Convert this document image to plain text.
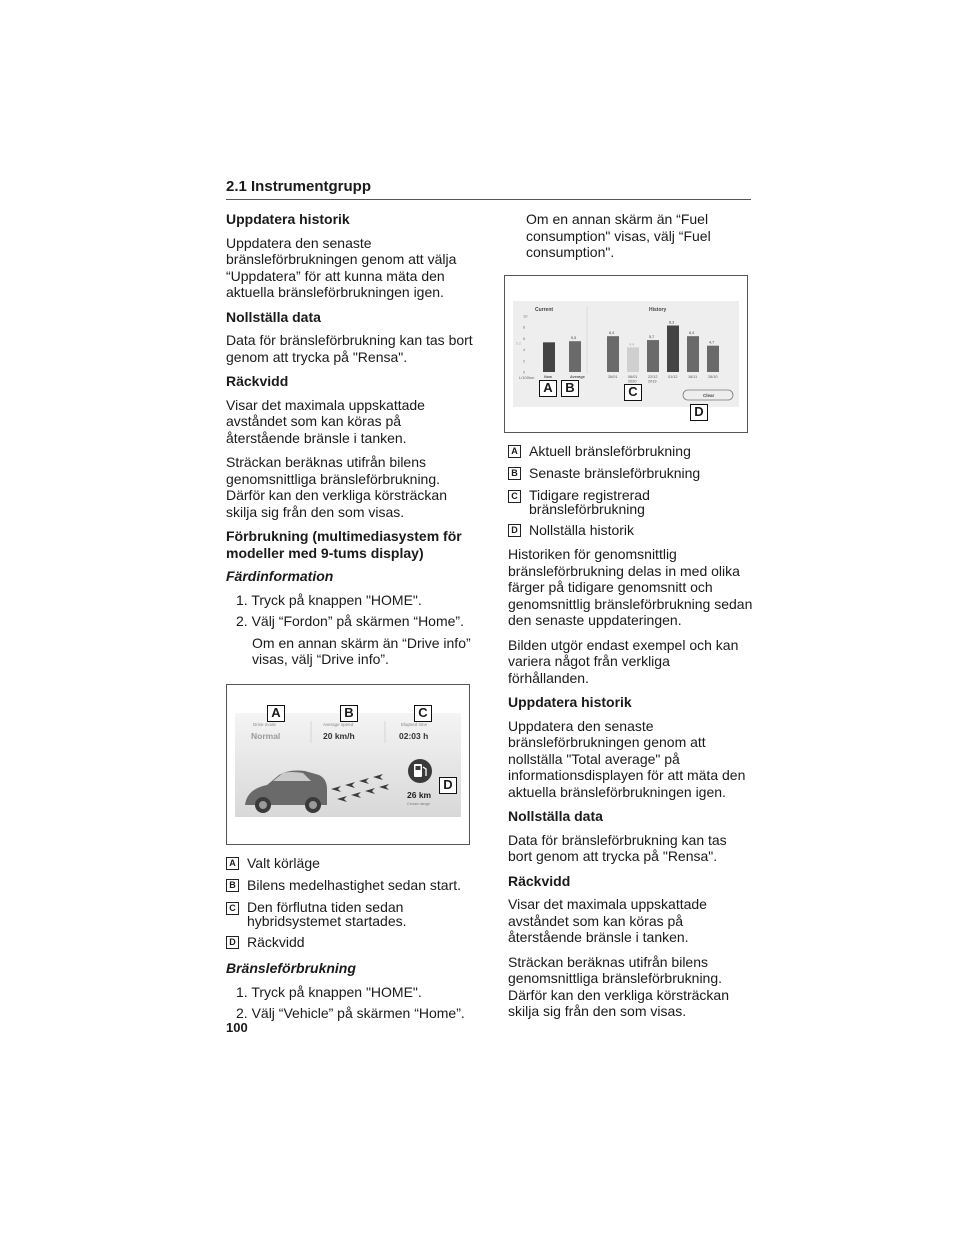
2.1 Instrumentgrupp
Uppdatera historik
Uppdatera den senaste bränsleförbrukningen genom att välja “Uppdatera” för att kunna mäta den aktuella bränsleförbrukningen igen.
Nollställa data
Data för bränsleförbrukning kan tas bort genom att trycka på "Rensa".
Räckvidd
Visar det maximala uppskattade avståndet som kan köras på återstående bränsle i tanken.
Sträckan beräknas utifrån bilens genomsnittliga bränsleförbrukning. Därför kan den verkliga körsträckan skilja sig från den som visas.
Förbrukning (multimediasystem för modeller med 9-tums display)
Färdinformation
1. Tryck på knappen "HOME".
2. Välj “Fordon” på skärmen “Home”.
Om en annan skärm än “Drive info” visas, välj “Drive info”.
Drive mode	Average speed	Elapsed time
Normal	20 km/h	02:03 h
26 km
Cruise range
A	B	C
D
A Valt körläge
B Bilens medelhastighet sedan start.
C Den förflutna tiden sedan hybridsystemet startades.
D Räckvidd
Bränsleförbrukning
1. Tryck på knappen "HOME".
2. Välj “Vehicle” på skärmen “Home”.
Om en annan skärm än “Fuel consumption" visas, välj “Fuel consumption".
Current	History
10
8
6
4
2
0
5.2
Now
5,5
Average
6,4
26/01
4,4
06/01
2020
5,7
22/12
2019
8,3
01/12
6,4
16/11
4,7
26/10
L/100km
Clear
A B	C
D
A Aktuell bränsleförbrukning
B Senaste bränsleförbrukning
C Tidigare registrerad bränsleförbrukning
D Nollställa historik
Historiken för genomsnittlig bränsleförbrukning delas in med olika färger på tidigare genomsnitt och genomsnittlig bränsleförbrukning sedan den senaste uppdateringen.
Bilden utgör endast exempel och kan variera något från verkliga förhållanden.
Uppdatera historik
Uppdatera den senaste bränsleförbrukningen genom att nollställa "Total average" på informationsdisplayen för att mäta den aktuella bränsleförbrukningen igen.
Nollställa data
Data för bränsleförbrukning kan tas bort genom att trycka på "Rensa".
Räckvidd
Visar det maximala uppskattade avståndet som kan köras på återstående bränsle i tanken.
Sträckan beräknas utifrån bilens genomsnittliga bränsleförbrukning. Därför kan den verkliga körsträckan skilja sig från den som visas.
100
